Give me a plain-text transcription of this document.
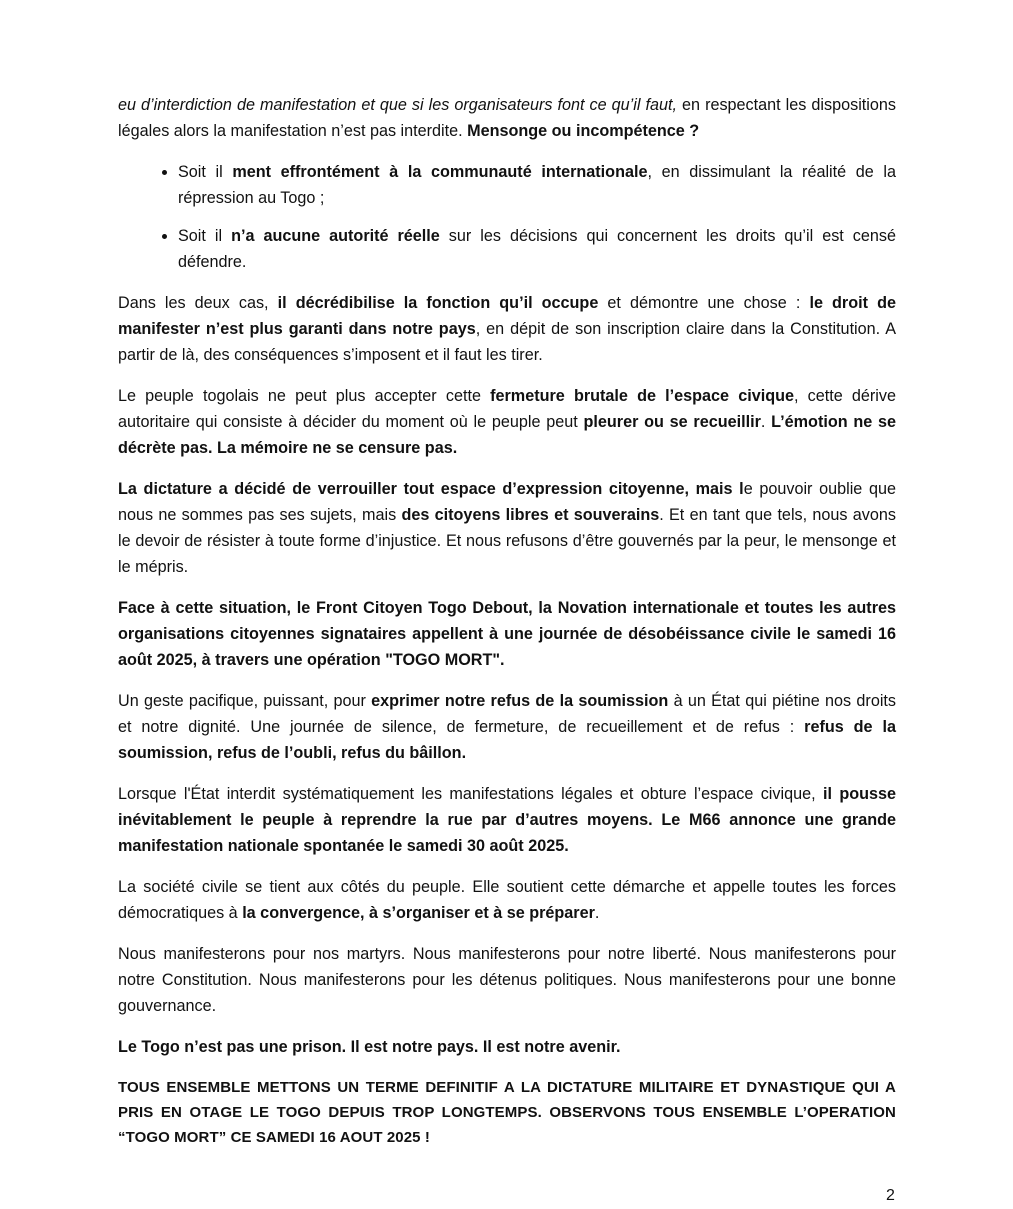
eu d’interdiction de manifestation et que si les organisateurs font ce qu’il faut, en respectant les dispositions légales alors la manifestation n’est pas interdite. Mensonge ou incompétence ?

• Soit il ment effrontément à la communauté internationale, en dissimulant la réalité de la répression au Togo ;
• Soit il n’a aucune autorité réelle sur les décisions qui concernent les droits qu’il est censé défendre.

Dans les deux cas, il décrédibilise la fonction qu’il occupe et démontre une chose : le droit de manifester n’est plus garanti dans notre pays, en dépit de son inscription claire dans la Constitution. A partir de là, des conséquences s’imposent et il faut les tirer.

Le peuple togolais ne peut plus accepter cette fermeture brutale de l’espace civique, cette dérive autoritaire qui consiste à décider du moment où le peuple peut pleurer ou se recueillir. L’émotion ne se décrète pas. La mémoire ne se censure pas.

La dictature a décidé de verrouiller tout espace d’expression citoyenne, mais le pouvoir oublie que nous ne sommes pas ses sujets, mais des citoyens libres et souverains. Et en tant que tels, nous avons le devoir de résister à toute forme d’injustice. Et nous refusons d’être gouvernés par la peur, le mensonge et le mépris.

Face à cette situation, le Front Citoyen Togo Debout, la Novation internationale et toutes les autres organisations citoyennes signataires appellent à une journée de désobéissance civile le samedi 16 août 2025, à travers une opération "TOGO MORT".

Un geste pacifique, puissant, pour exprimer notre refus de la soumission à un État qui piétine nos droits et notre dignité. Une journée de silence, de fermeture, de recueillement et de refus : refus de la soumission, refus de l’oubli, refus du bâillon.

Lorsque l'État interdit systématiquement les manifestations légales et obture l’espace civique, il pousse inévitablement le peuple à reprendre la rue par d’autres moyens. Le M66 annonce une grande manifestation nationale spontanée le samedi 30 août 2025.

La société civile se tient aux côtés du peuple. Elle soutient cette démarche et appelle toutes les forces démocratiques à la convergence, à s’organiser et à se préparer.

Nous manifesterons pour nos martyrs. Nous manifesterons pour notre liberté. Nous manifesterons pour notre Constitution. Nous manifesterons pour les détenus politiques. Nous manifesterons pour une bonne gouvernance.

Le Togo n’est pas une prison. Il est notre pays. Il est notre avenir.

TOUS ENSEMBLE METTONS UN TERME DEFINITIF A LA DICTATURE MILITAIRE ET DYNASTIQUE QUI A PRIS EN OTAGE LE TOGO DEPUIS TROP LONGTEMPS. OBSERVONS TOUS ENSEMBLE L’OPERATION “TOGO MORT” CE SAMEDI 16 AOUT 2025 !

2
